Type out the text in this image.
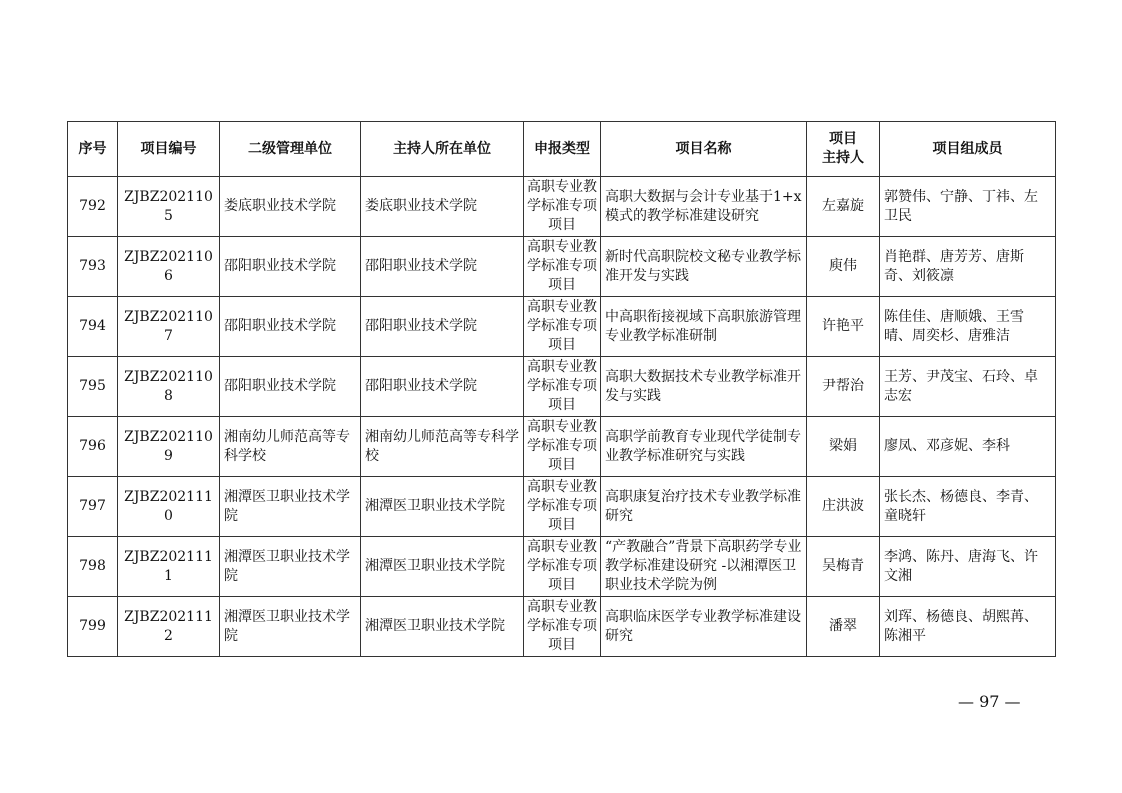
序号	项目编号	二级管理单位	主持人所在单位	申报类型	项目名称	项目
主持人	项目组成员
792	ZJBZ2021105	娄底职业技术学院	娄底职业技术学院	高职专业教学标准专项项目	高职大数据与会计专业基于1+x 模式的教学标准建设研究	左嘉旋	郭赞伟、宁静、丁祎、左卫民
793	ZJBZ2021106	邵阳职业技术学院	邵阳职业技术学院	高职专业教学标准专项项目	新时代高职院校文秘专业教学标准开发与实践	庾伟	肖艳群、唐芳芳、唐斯奇、刘筱凛
794	ZJBZ2021107	邵阳职业技术学院	邵阳职业技术学院	高职专业教学标准专项项目	中高职衔接视域下高职旅游管理专业教学标准研制	许艳平	陈佳佳、唐顺娥、王雪晴、周奕杉、唐雅洁
795	ZJBZ2021108	邵阳职业技术学院	邵阳职业技术学院	高职专业教学标准专项项目	高职大数据技术专业教学标准开发与实践	尹帮治	王芳、尹茂宝、石玲、卓志宏
796	ZJBZ2021109	湘南幼儿师范高等专科学校	湘南幼儿师范高等专科学校	高职专业教学标准专项项目	高职学前教育专业现代学徒制专业教学标准研究与实践	梁娟	廖凤、邓彦妮、李科
797	ZJBZ2021110	湘潭医卫职业技术学院	湘潭医卫职业技术学院	高职专业教学标准专项项目	高职康复治疗技术专业教学标准研究	庄洪波	张长杰、杨德良、李青、童晓轩
798	ZJBZ2021111	湘潭医卫职业技术学院	湘潭医卫职业技术学院	高职专业教学标准专项项目	“产教融合”背景下高职药学专业教学标准建设研究 -以湘潭医卫职业技术学院为例	吴梅青	李鸿、陈丹、唐海飞、许文湘
799	ZJBZ2021112	湘潭医卫职业技术学院	湘潭医卫职业技术学院	高职专业教学标准专项项目	高职临床医学专业教学标准建设研究	潘翠	刘珲、杨德良、胡熙苒、陈湘平
— 97 —
